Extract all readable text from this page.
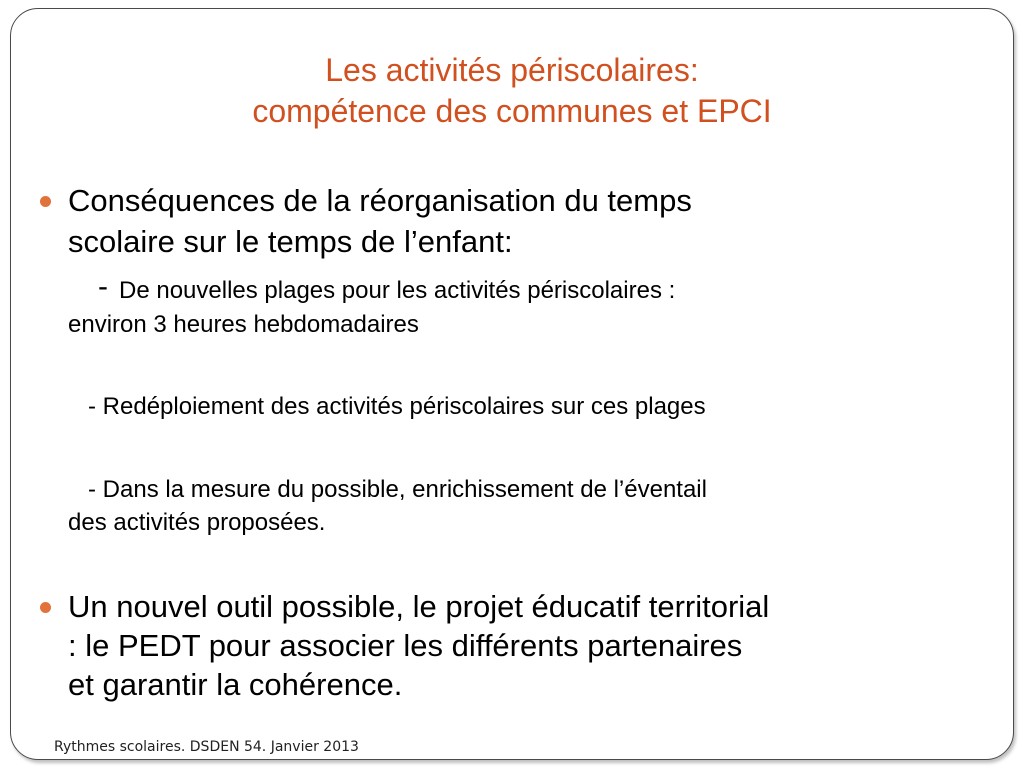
Les activités périscolaires:
compétence des communes et EPCI
Conséquences de la réorganisation du temps
scolaire sur le temps de l’enfant:
- De nouvelles plages pour les activités périscolaires :
environ 3 heures hebdomadaires
- Redéploiement des activités périscolaires sur ces plages
- Dans la mesure du possible, enrichissement de l’éventail
des activités proposées.
Un nouvel outil possible, le projet éducatif territorial
: le PEDT pour associer les différents partenaires
et garantir la cohérence.
Rythmes scolaires. DSDEN 54. Janvier 2013
